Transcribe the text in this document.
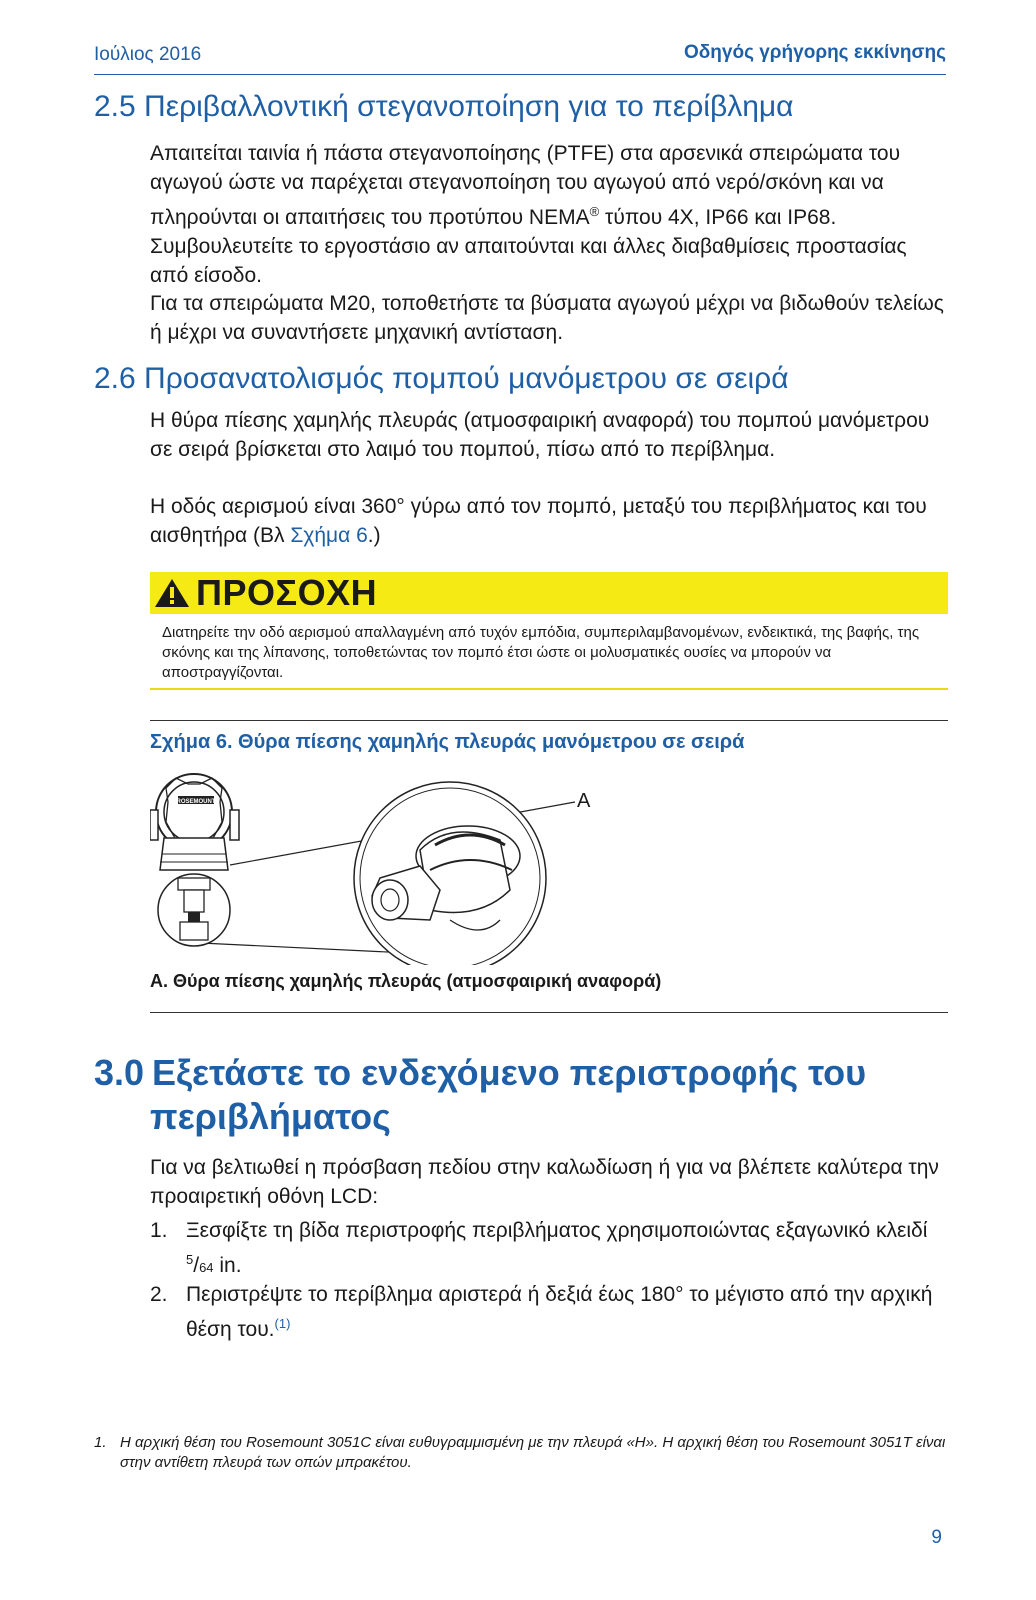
Ιούλιος 2016	Οδηγός γρήγορης εκκίνησης
2.5 Περιβαλλοντική στεγανοποίηση για το περίβλημα

Απαιτείται ταινία ή πάστα στεγανοποίησης (PTFE) στα αρσενικά σπειρώματα του αγωγού ώστε να παρέχεται στεγανοποίηση του αγωγού από νερό/σκόνη και να πληρούνται οι απαιτήσεις του προτύπου NEMA® τύπου 4X, IP66 και IP68. Συμβουλευτείτε το εργοστάσιο αν απαιτούνται και άλλες διαβαθμίσεις προστασίας από είσοδο.

Για τα σπειρώματα M20, τοποθετήστε τα βύσματα αγωγού μέχρι να βιδωθούν τελείως ή μέχρι να συναντήσετε μηχανική αντίσταση.

2.6 Προσανατολισμός πομπού μανόμετρου σε σειρά

Η θύρα πίεσης χαμηλής πλευράς (ατμοσφαιρική αναφορά) του πομπού μανόμετρου σε σειρά βρίσκεται στο λαιμό του πομπού, πίσω από το περίβλημα.

Η οδός αερισμού είναι 360° γύρω από τον πομπό, μεταξύ του περιβλήματος και του αισθητήρα (Βλ Σχήμα 6.)

ΠΡΟΣΟΧΗ

Διατηρείτε την οδό αερισμού απαλλαγμένη από τυχόν εμπόδια, συμπεριλαμβανομένων, ενδεικτικά, της βαφής, της σκόνης και της λίπανσης, τοποθετώντας τον πομπό έτσι ώστε οι μολυσματικές ουσίες να μπορούν να αποστραγγίζονται.

Σχήμα 6. Θύρα πίεσης χαμηλής πλευράς μανόμετρου σε σειρά
ROSEMOUNT	A
A. Θύρα πίεσης χαμηλής πλευράς (ατμοσφαιρική αναφορά)
3.0 Εξετάστε το ενδεχόμενο περιστροφής του
περιβλήματος

Για να βελτιωθεί η πρόσβαση πεδίου στην καλωδίωση ή για να βλέπετε καλύτερα την προαιρετική οθόνη LCD:

1. Ξεσφίξτε τη βίδα περιστροφής περιβλήματος χρησιμοποιώντας εξαγωνικό κλειδί $^5$/64 in.
2. Περιστρέψτε το περίβλημα αριστερά ή δεξιά έως 180° το μέγιστο από την αρχική θέση του.$^{(1)}$
1. Η αρχική θέση του Rosemount 3051C είναι ευθυγραμμισμένη με την πλευρά «H». Η αρχική θέση του Rosemount 3051T είναι στην αντίθετη πλευρά των οπών μπρακέτου.
9
